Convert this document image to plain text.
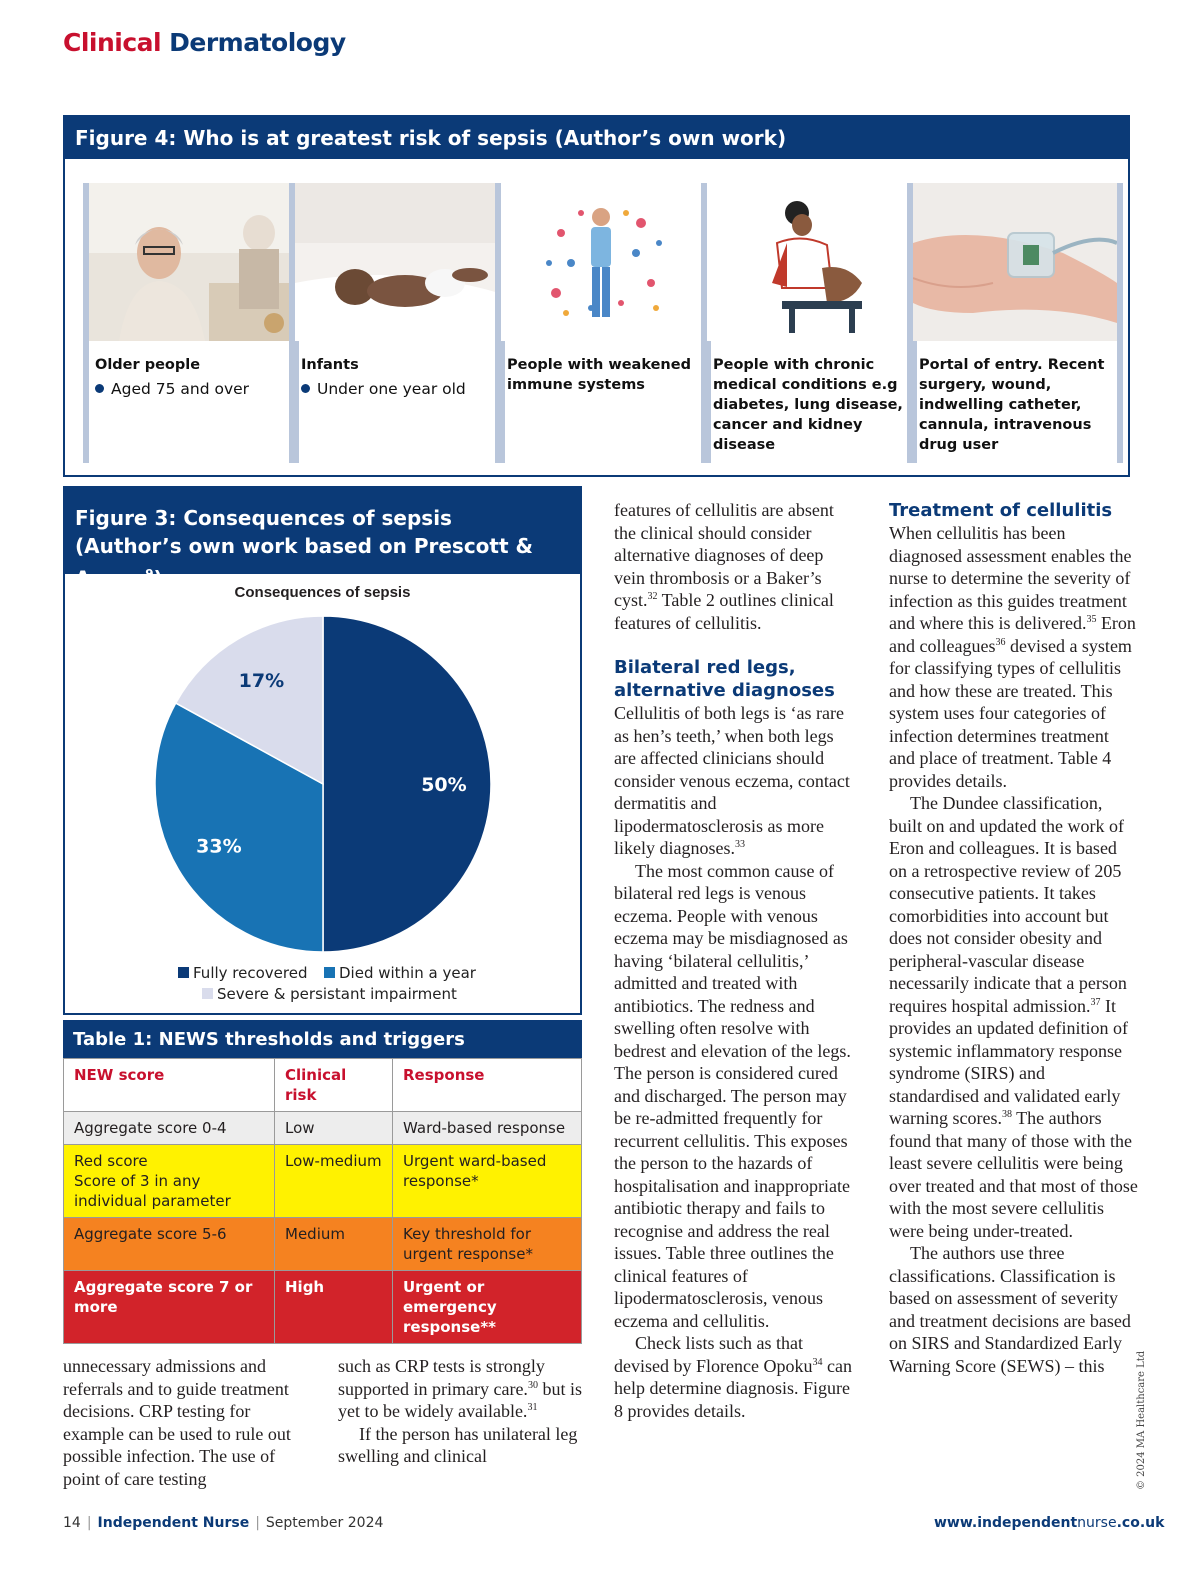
Clinical Dermatology
Figure 4: Who is at greatest risk of sepsis (Author’s own work)
Older people
Aged 75 and over
Infants
Under one year old
People with weakened immune systems
People with chronic medical conditions e.g diabetes, lung disease, cancer and kidney disease
Portal of entry. Recent surgery, wound, indwelling catheter, cannula, intravenous drug user
Figure 3: Consequences of sepsis
(Author’s own work based on Prescott & Angus$^9$)
Consequences of sepsis
50%
33%
17%
Fully recovered	Died within a year
Severe & persistant impairment
Table 1: NEWS thresholds and triggers
NEW score	Clinical risk	Response
Aggregate score 0-4	Low	Ward-based response
Red score
Score of 3 in any individual parameter	Low-medium	Urgent ward-based response*
Aggregate score 5-6	Medium	Key threshold for urgent response*
Aggregate score 7 or more	High	Urgent or emergency response**

unnecessary admissions and referrals and to guide treatment decisions. CRP testing for example can be used to rule out possible infection. The use of point of care testing

such as CRP tests is strongly supported in primary care.$^{30}$ but is yet to be widely available.$^{31}$

If the person has unilateral leg swelling and clinical

features of cellulitis are absent the clinical should consider alternative diagnoses of deep vein thrombosis or a Baker’s cyst.$^{32}$ Table 2 outlines clinical features of cellulitis.

Bilateral red legs, alternative diagnoses

Cellulitis of both legs is ‘as rare as hen’s teeth,’ when both legs are affected clinicians should consider venous eczema, contact dermatitis and lipodermatosclerosis as more likely diagnoses.$^{33}$

The most common cause of bilateral red legs is venous eczema. People with venous eczema may be misdiagnosed as having ‘bilateral cellulitis,’ admitted and treated with antibiotics. The redness and swelling often resolve with bedrest and elevation of the legs. The person is considered cured and discharged. The person may be re-admitted frequently for recurrent cellulitis. This exposes the person to the hazards of hospitalisation and inappropriate antibiotic therapy and fails to recognise and address the real issues. Table three outlines the clinical features of lipodermatosclerosis, venous eczema and cellulitis.

Check lists such as that devised by Florence Opoku$^{34}$ can help determine diagnosis. Figure 8 provides details.

Treatment of cellulitis

When cellulitis has been diagnosed assessment enables the nurse to determine the severity of infection as this guides treatment and where this is delivered.$^{35}$ Eron and colleagues$^{36}$ devised a system for classifying types of cellulitis and how these are treated. This system uses four categories of infection determines treatment and place of treatment. Table 4 provides details.

The Dundee classification, built on and updated the work of Eron and colleagues. It is based on a retrospective review of 205 consecutive patients. It takes comorbidities into account but does not consider obesity and peripheral-vascular disease necessarily indicate that a person requires hospital admission.$^{37}$ It provides an updated definition of systemic inflammatory response syndrome (SIRS) and standardised and validated early warning scores.$^{38}$ The authors found that many of those with the least severe cellulitis were being over treated and that most of those with the most severe cellulitis were being under-treated.

The authors use three classifications. Classification is based on assessment of severity and treatment decisions are based on SIRS and Standardized Early Warning Score (SEWS) – this	© 2024 MA Healthcare Ltd
14 | Independent Nurse | September 2024	www.independentnurse.co.uk
